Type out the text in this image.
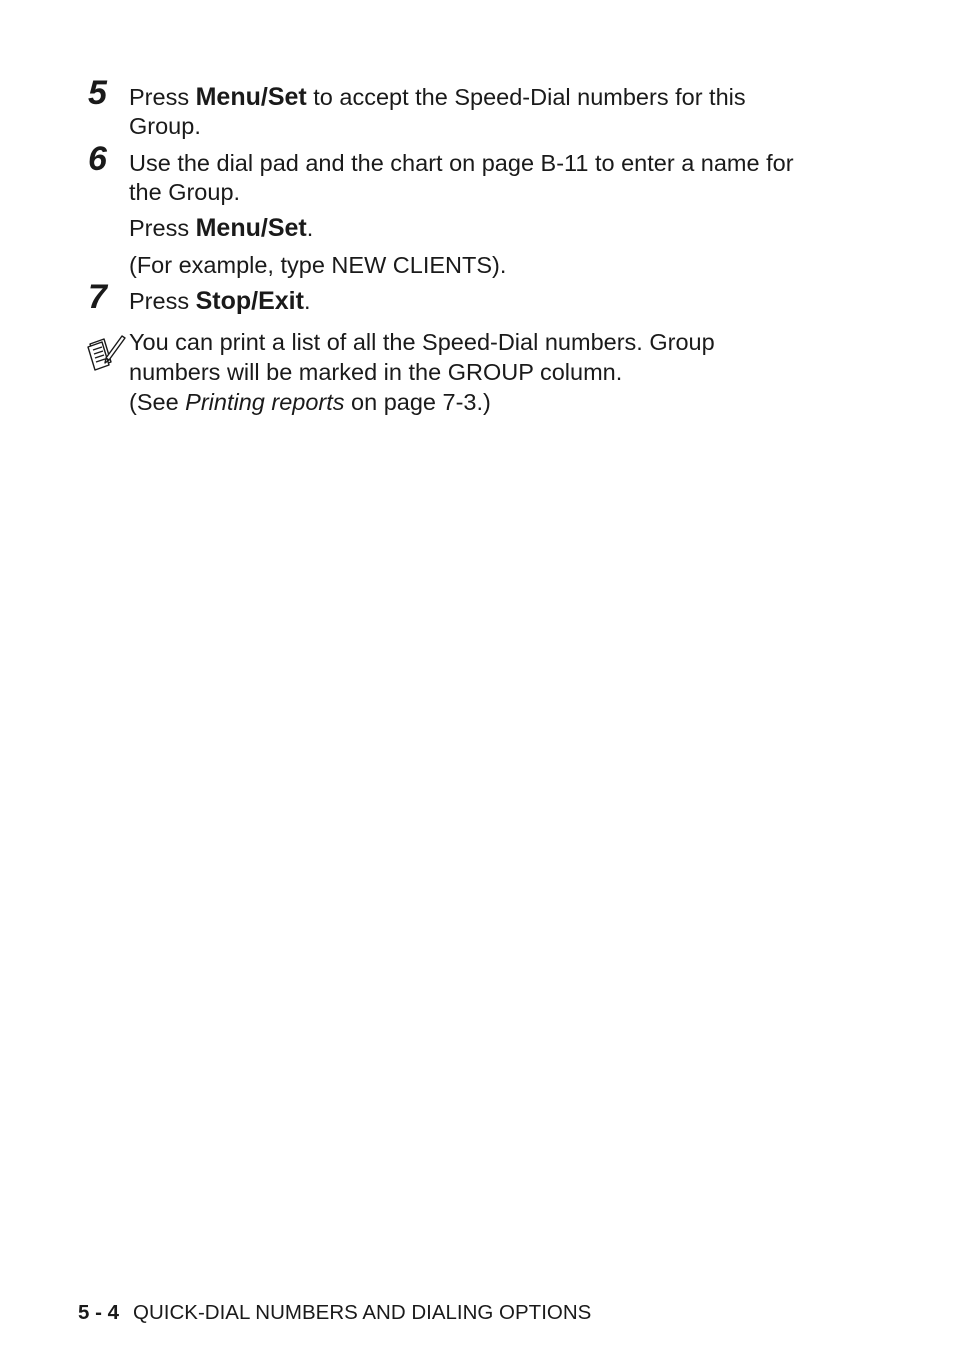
5 Press Menu/Set to accept the Speed-Dial numbers for this
Group.
6 Use the dial pad and the chart on page B-11 to enter a name for
the Group.
Press Menu/Set.
(For example, type NEW CLIENTS).
7 Press Stop/Exit.
You can print a list of all the Speed-Dial numbers. Group
numbers will be marked in the GROUP column.
(See Printing reports on page 7-3.)
5 - 4 QUICK-DIAL NUMBERS AND DIALING OPTIONS
